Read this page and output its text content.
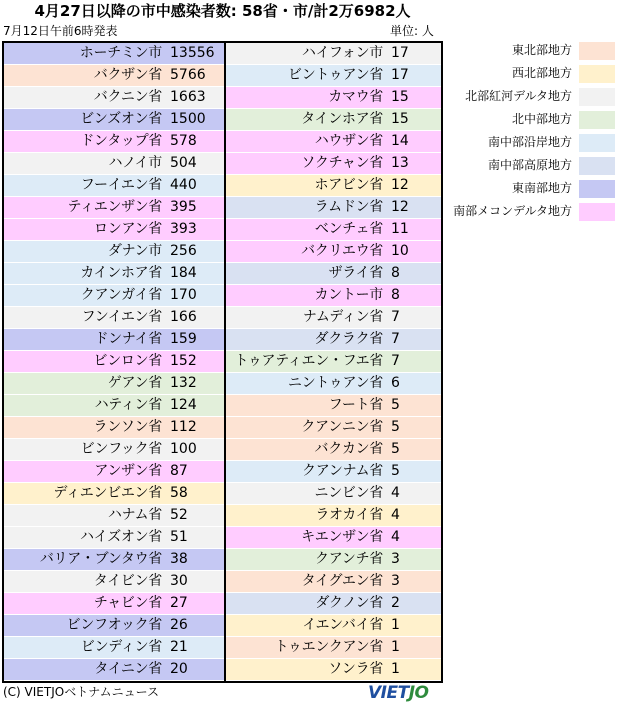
4月27日以降の市中感染者数: 58省・市/計2万6982人
7月12日午前6時発表	単位: 人
ホーチミン市 13556
バクザン省 5766
バクニン省 1663
ビンズオン省 1500
ドンタップ省 578
ハノイ市 504
フーイエン省 440
ティエンザン省 395
ロンアン省 393
ダナン市 256
カインホア省 184
クアンガイ省 170
フンイエン省 166
ドンナイ省 159
ビンロン省 152
ゲアン省 132
ハティン省 124
ランソン省 112
ビンフック省 100
アンザン省 87
ディエンビエン省 58
ハナム省 52
ハイズオン省 51
バリア・ブンタウ省 38
タイビン省 30
チャビン省 27
ビンフオック省 26
ビンディン省 21
タイニン省 20
ハイフォン市 17
ビントゥアン省 17
カマウ省 15
タインホア省 15
ハウザン省 14
ソクチャン省 13
ホアビン省 12
ラムドン省 12
ベンチェ省 11
バクリエウ省 10
ザライ省 8
カントー市 8
ナムディン省 7
ダクラク省 7
トゥアティエン・フエ省 7
ニントゥアン省 6
フート省 5
クアンニン省 5
バクカン省 5
クアンナム省 5
ニンビン省 4
ラオカイ省 4
キエンザン省 4
クアンチ省 3
タイグエン省 3
ダクノン省 2
イエンバイ省 1
トゥエンクアン省 1
ソンラ省 1
東北部地方
西北部地方
北部紅河デルタ地方
北中部地方
南中部沿岸地方
南中部高原地方
東南部地方
南部メコンデルタ地方
(C) VIETJOベトナムニュース	VIETJO
